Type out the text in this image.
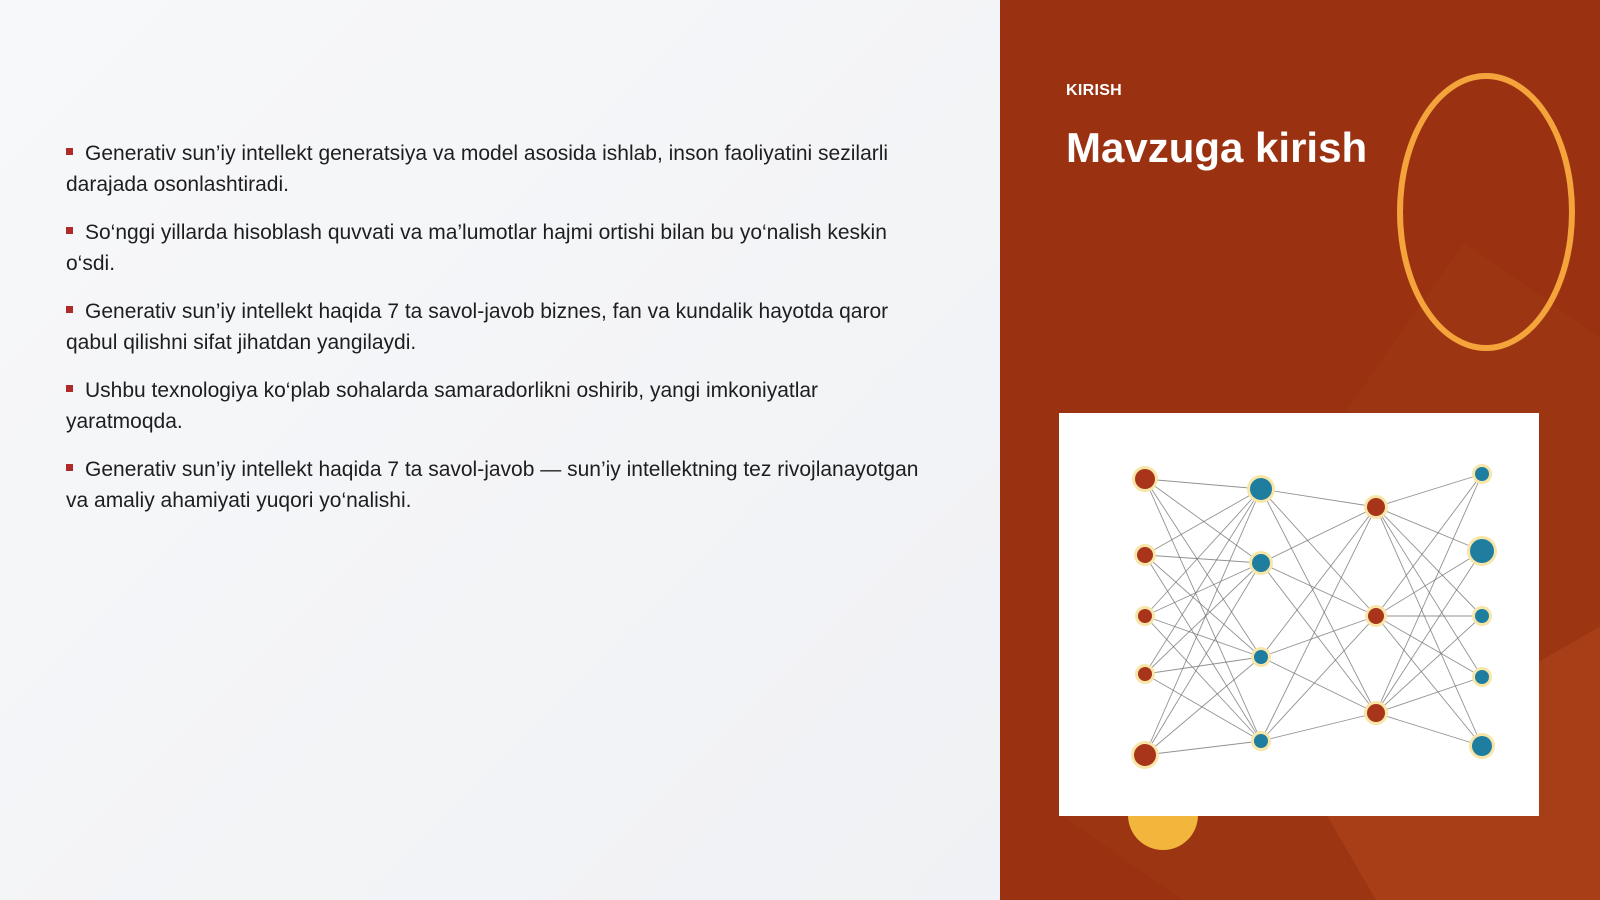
Generativ sun’iy intellekt generatsiya va model asosida ishlab, inson faoliyatini sezilarli darajada osonlashtiradi.
So‘nggi yillarda hisoblash quvvati va ma’lumotlar hajmi ortishi bilan bu yo‘nalish keskin o‘sdi.
Generativ sun’iy intellekt haqida 7 ta savol-javob biznes, fan va kundalik hayotda qaror qabul qilishni sifat jihatdan yangilaydi.
Ushbu texnologiya ko‘plab sohalarda samaradorlikni oshirib, yangi imkoniyatlar yaratmoqda.
Generativ sun’iy intellekt haqida 7 ta savol-javob — sun’iy intellektning tez rivojlanayotgan va amaliy ahamiyati yuqori yo‘nalishi.
KIRISH
Mavzuga kirish
